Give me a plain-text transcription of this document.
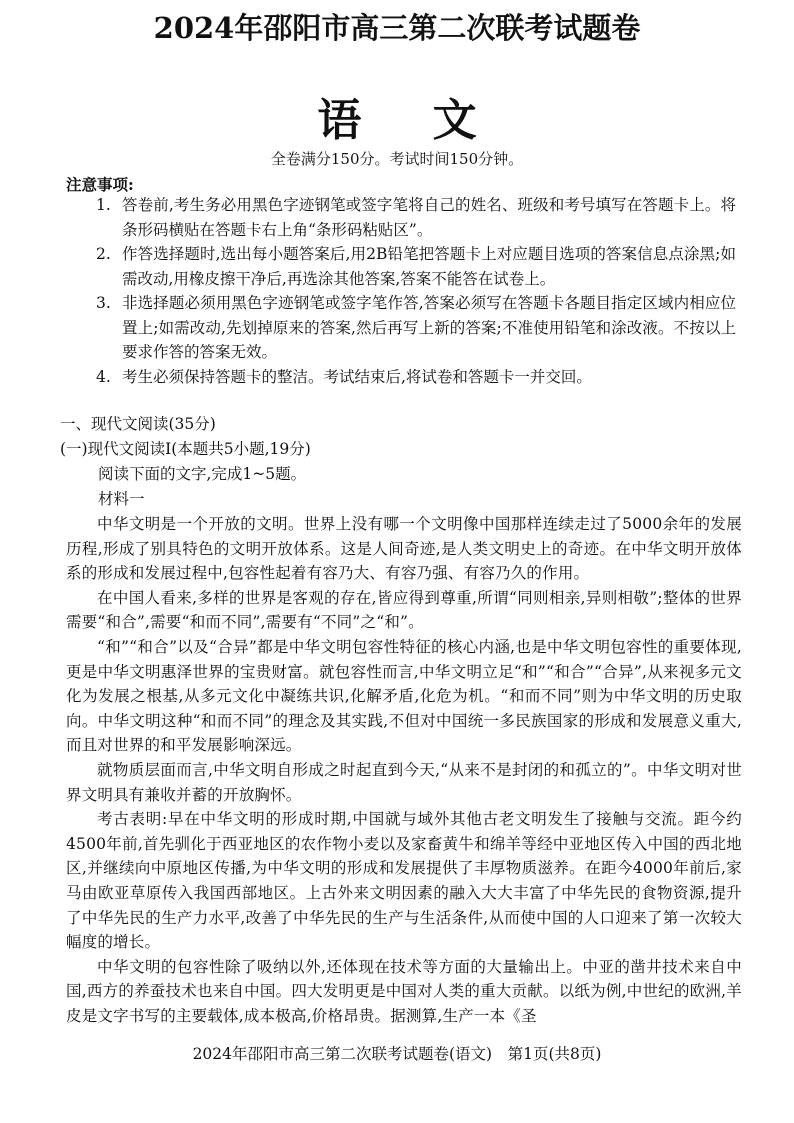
2024年邵阳市高三第二次联考试题卷
语 文
全卷满分150分。考试时间150分钟。
注意事项:
1. 答卷前,考生务必用黑色字迹钢笔或签字笔将自己的姓名、班级和考号填写在答题卡上。将条形码横贴在答题卡右上角“条形码粘贴区”。
2. 作答选择题时,选出每小题答案后,用2B铅笔把答题卡上对应题目选项的答案信息点涂黑;如需改动,用橡皮擦干净后,再选涂其他答案,答案不能答在试卷上。
3. 非选择题必须用黑色字迹钢笔或签字笔作答,答案必须写在答题卡各题目指定区域内相应位置上;如需改动,先划掉原来的答案,然后再写上新的答案;不准使用铅笔和涂改液。不按以上要求作答的答案无效。
4. 考生必须保持答题卡的整洁。考试结束后,将试卷和答题卡一并交回。
一、现代文阅读(35分)
(一)现代文阅读Ⅰ(本题共5小题,19分)
阅读下面的文字,完成1~5题。
材料一

中华文明是一个开放的文明。世界上没有哪一个文明像中国那样连续走过了5000余年的发展历程,形成了别具特色的文明开放体系。这是人间奇迹,是人类文明史上的奇迹。在中华文明开放体系的形成和发展过程中,包容性起着有容乃大、有容乃强、有容乃久的作用。

在中国人看来,多样的世界是客观的存在,皆应得到尊重,所谓“同则相亲,异则相敬”;整体的世界需要“和合”,需要“和而不同”,需要有“不同”之“和”。

“和”“和合”以及“合异”都是中华文明包容性特征的核心内涵,也是中华文明包容性的重要体现,更是中华文明惠泽世界的宝贵财富。就包容性而言,中华文明立足“和”“和合”“合异”,从来视多元文化为发展之根基,从多元文化中凝练共识,化解矛盾,化危为机。“和而不同”则为中华文明的历史取向。中华文明这种“和而不同”的理念及其实践,不但对中国统一多民族国家的形成和发展意义重大,而且对世界的和平发展影响深远。

就物质层面而言,中华文明自形成之时起直到今天,“从来不是封闭的和孤立的”。中华文明对世界文明具有兼收并蓄的开放胸怀。

考古表明:早在中华文明的形成时期,中国就与域外其他古老文明发生了接触与交流。距今约4500年前,首先驯化于西亚地区的农作物小麦以及家畜黄牛和绵羊等经中亚地区传入中国的西北地区,并继续向中原地区传播,为中华文明的形成和发展提供了丰厚物质滋养。在距今4000年前后,家马由欧亚草原传入我国西部地区。上古外来文明因素的融入大大丰富了中华先民的食物资源,提升了中华先民的生产力水平,改善了中华先民的生产与生活条件,从而使中国的人口迎来了第一次较大幅度的增长。

中华文明的包容性除了吸纳以外,还体现在技术等方面的大量输出上。中亚的凿井技术来自中国,西方的养蚕技术也来自中国。四大发明更是中国对人类的重大贡献。以纸为例,中世纪的欧洲,羊皮是文字书写的主要载体,成本极高,价格昂贵。据测算,生产一本《圣

2024年邵阳市高三第二次联考试题卷(语文)　第1页(共8页)
